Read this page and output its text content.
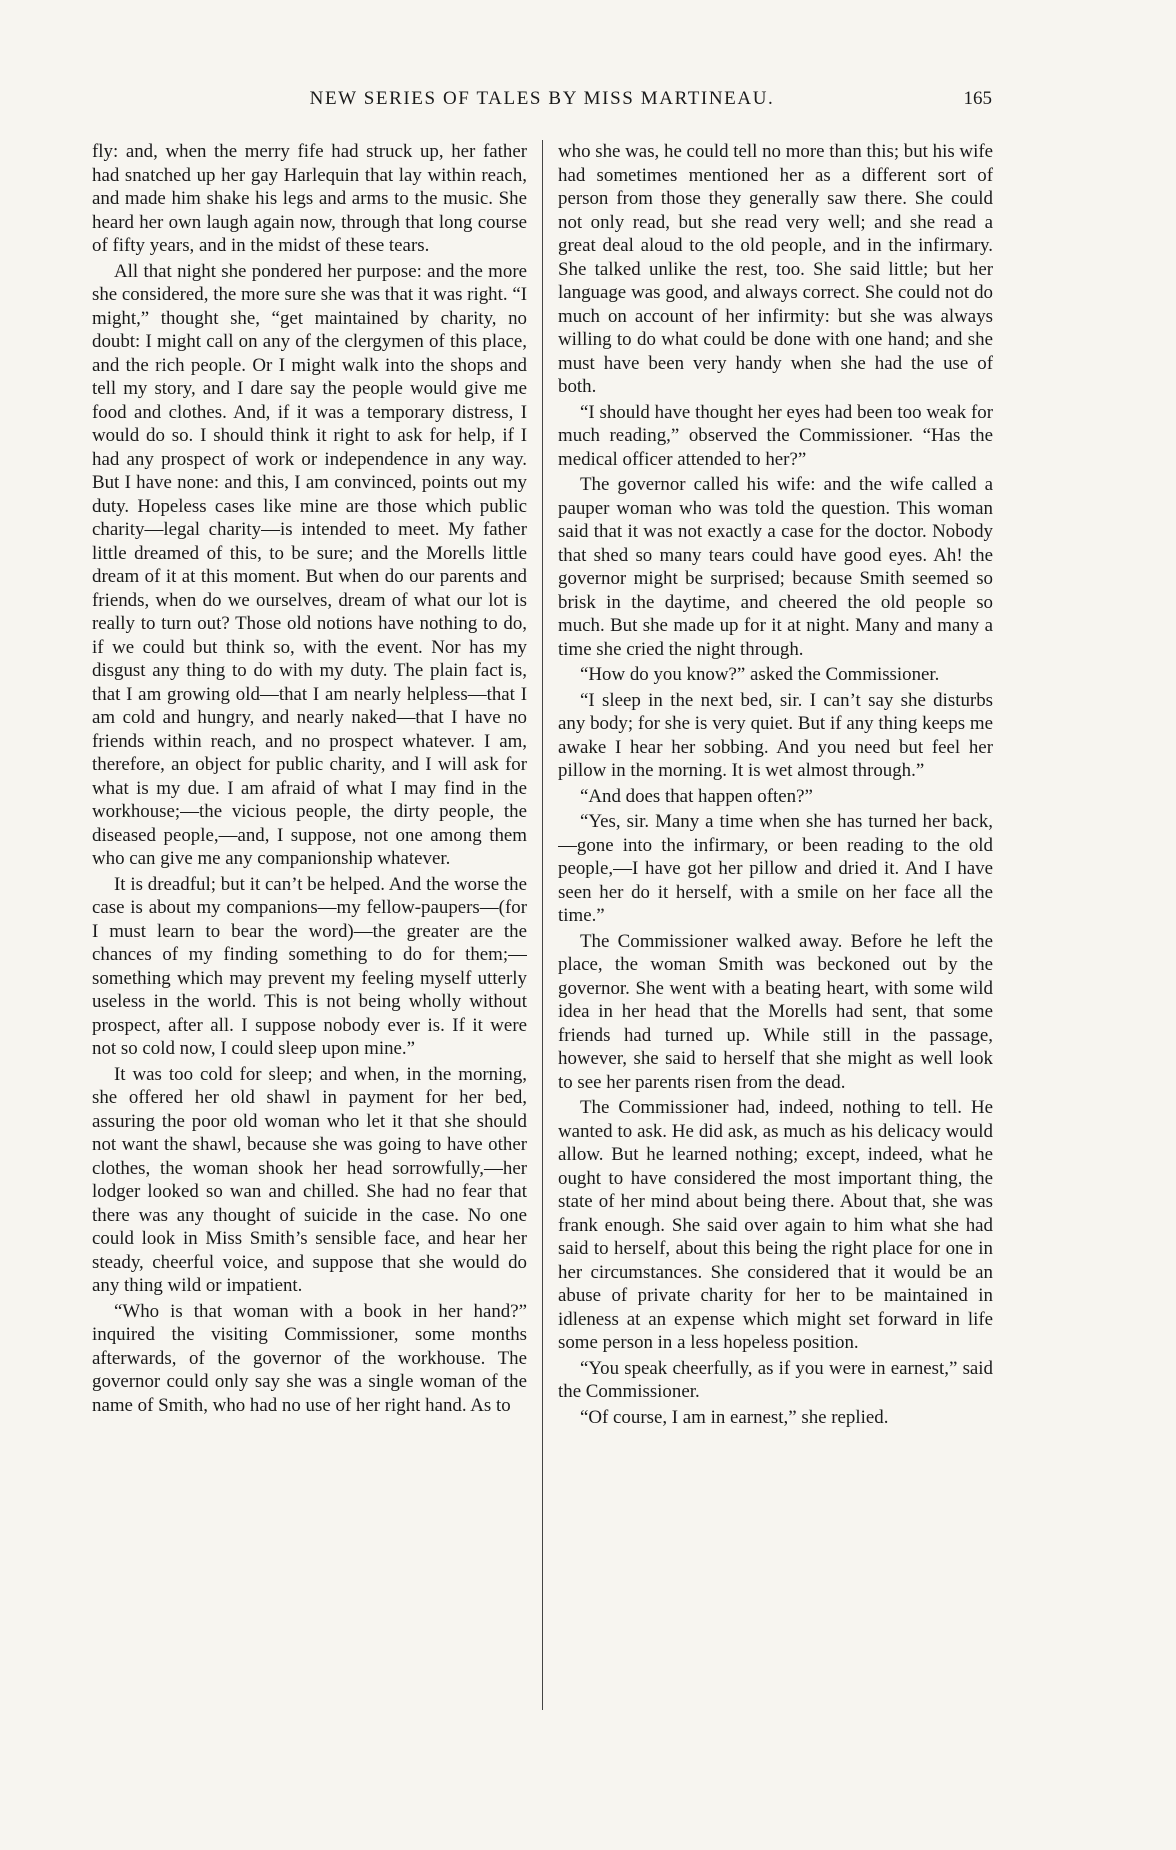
NEW SERIES OF TALES BY MISS MARTINEAU.	165

fly: and, when the merry fife had struck up, her father had snatched up her gay Harlequin that lay within reach, and made him shake his legs and arms to the music. She heard her own laugh again now, through that long course of fifty years, and in the midst of these tears.

All that night she pondered her purpose: and the more she considered, the more sure she was that it was right. “I might,” thought she, “get maintained by charity, no doubt: I might call on any of the clergymen of this place, and the rich people. Or I might walk into the shops and tell my story, and I dare say the people would give me food and clothes. And, if it was a temporary distress, I would do so. I should think it right to ask for help, if I had any prospect of work or independence in any way. But I have none: and this, I am convinced, points out my duty. Hopeless cases like mine are those which public charity—legal charity—is intended to meet. My father little dreamed of this, to be sure; and the Morells little dream of it at this moment. But when do our parents and friends, when do we ourselves, dream of what our lot is really to turn out? Those old notions have nothing to do, if we could but think so, with the event. Nor has my disgust any thing to do with my duty. The plain fact is, that I am growing old—that I am nearly helpless—that I am cold and hungry, and nearly naked—that I have no friends within reach, and no prospect whatever. I am, therefore, an object for public charity, and I will ask for what is my due. I am afraid of what I may find in the workhouse;—the vicious people, the dirty people, the diseased people,—and, I suppose, not one among them who can give me any companionship whatever.

It is dreadful; but it can’t be helped. And the worse the case is about my companions—my fellow-paupers—(for I must learn to bear the word)—the greater are the chances of my finding something to do for them;—something which may prevent my feeling myself utterly useless in the world. This is not being wholly without prospect, after all. I suppose nobody ever is. If it were not so cold now, I could sleep upon mine.”

It was too cold for sleep; and when, in the morning, she offered her old shawl in payment for her bed, assuring the poor old woman who let it that she should not want the shawl, because she was going to have other clothes, the woman shook her head sorrowfully,—her lodger looked so wan and chilled. She had no fear that there was any thought of suicide in the case. No one could look in Miss Smith’s sensible face, and hear her steady, cheerful voice, and suppose that she would do any thing wild or impatient.

“Who is that woman with a book in her hand?” inquired the visiting Commissioner, some months afterwards, of the governor of the workhouse. The governor could only say she was a single woman of the name of Smith, who had no use of her right hand. As to

who she was, he could tell no more than this; but his wife had sometimes mentioned her as a different sort of person from those they generally saw there. She could not only read, but she read very well; and she read a great deal aloud to the old people, and in the infirmary. She talked unlike the rest, too. She said little; but her language was good, and always correct. She could not do much on account of her infirmity: but she was always willing to do what could be done with one hand; and she must have been very handy when she had the use of both.

“I should have thought her eyes had been too weak for much reading,” observed the Commissioner. “Has the medical officer attended to her?”

The governor called his wife: and the wife called a pauper woman who was told the question. This woman said that it was not exactly a case for the doctor. Nobody that shed so many tears could have good eyes. Ah! the governor might be surprised; because Smith seemed so brisk in the daytime, and cheered the old people so much. But she made up for it at night. Many and many a time she cried the night through.

“How do you know?” asked the Commissioner.

“I sleep in the next bed, sir. I can’t say she disturbs any body; for she is very quiet. But if any thing keeps me awake I hear her sobbing. And you need but feel her pillow in the morning. It is wet almost through.”

“And does that happen often?”

“Yes, sir. Many a time when she has turned her back,—gone into the infirmary, or been reading to the old people,—I have got her pillow and dried it. And I have seen her do it herself, with a smile on her face all the time.”

The Commissioner walked away. Before he left the place, the woman Smith was beckoned out by the governor. She went with a beating heart, with some wild idea in her head that the Morells had sent, that some friends had turned up. While still in the passage, however, she said to herself that she might as well look to see her parents risen from the dead.

The Commissioner had, indeed, nothing to tell. He wanted to ask. He did ask, as much as his delicacy would allow. But he learned nothing; except, indeed, what he ought to have considered the most important thing, the state of her mind about being there. About that, she was frank enough. She said over again to him what she had said to herself, about this being the right place for one in her circumstances. She considered that it would be an abuse of private charity for her to be maintained in idleness at an expense which might set forward in life some person in a less hopeless position.

“You speak cheerfully, as if you were in earnest,” said the Commissioner.

“Of course, I am in earnest,” she replied.
